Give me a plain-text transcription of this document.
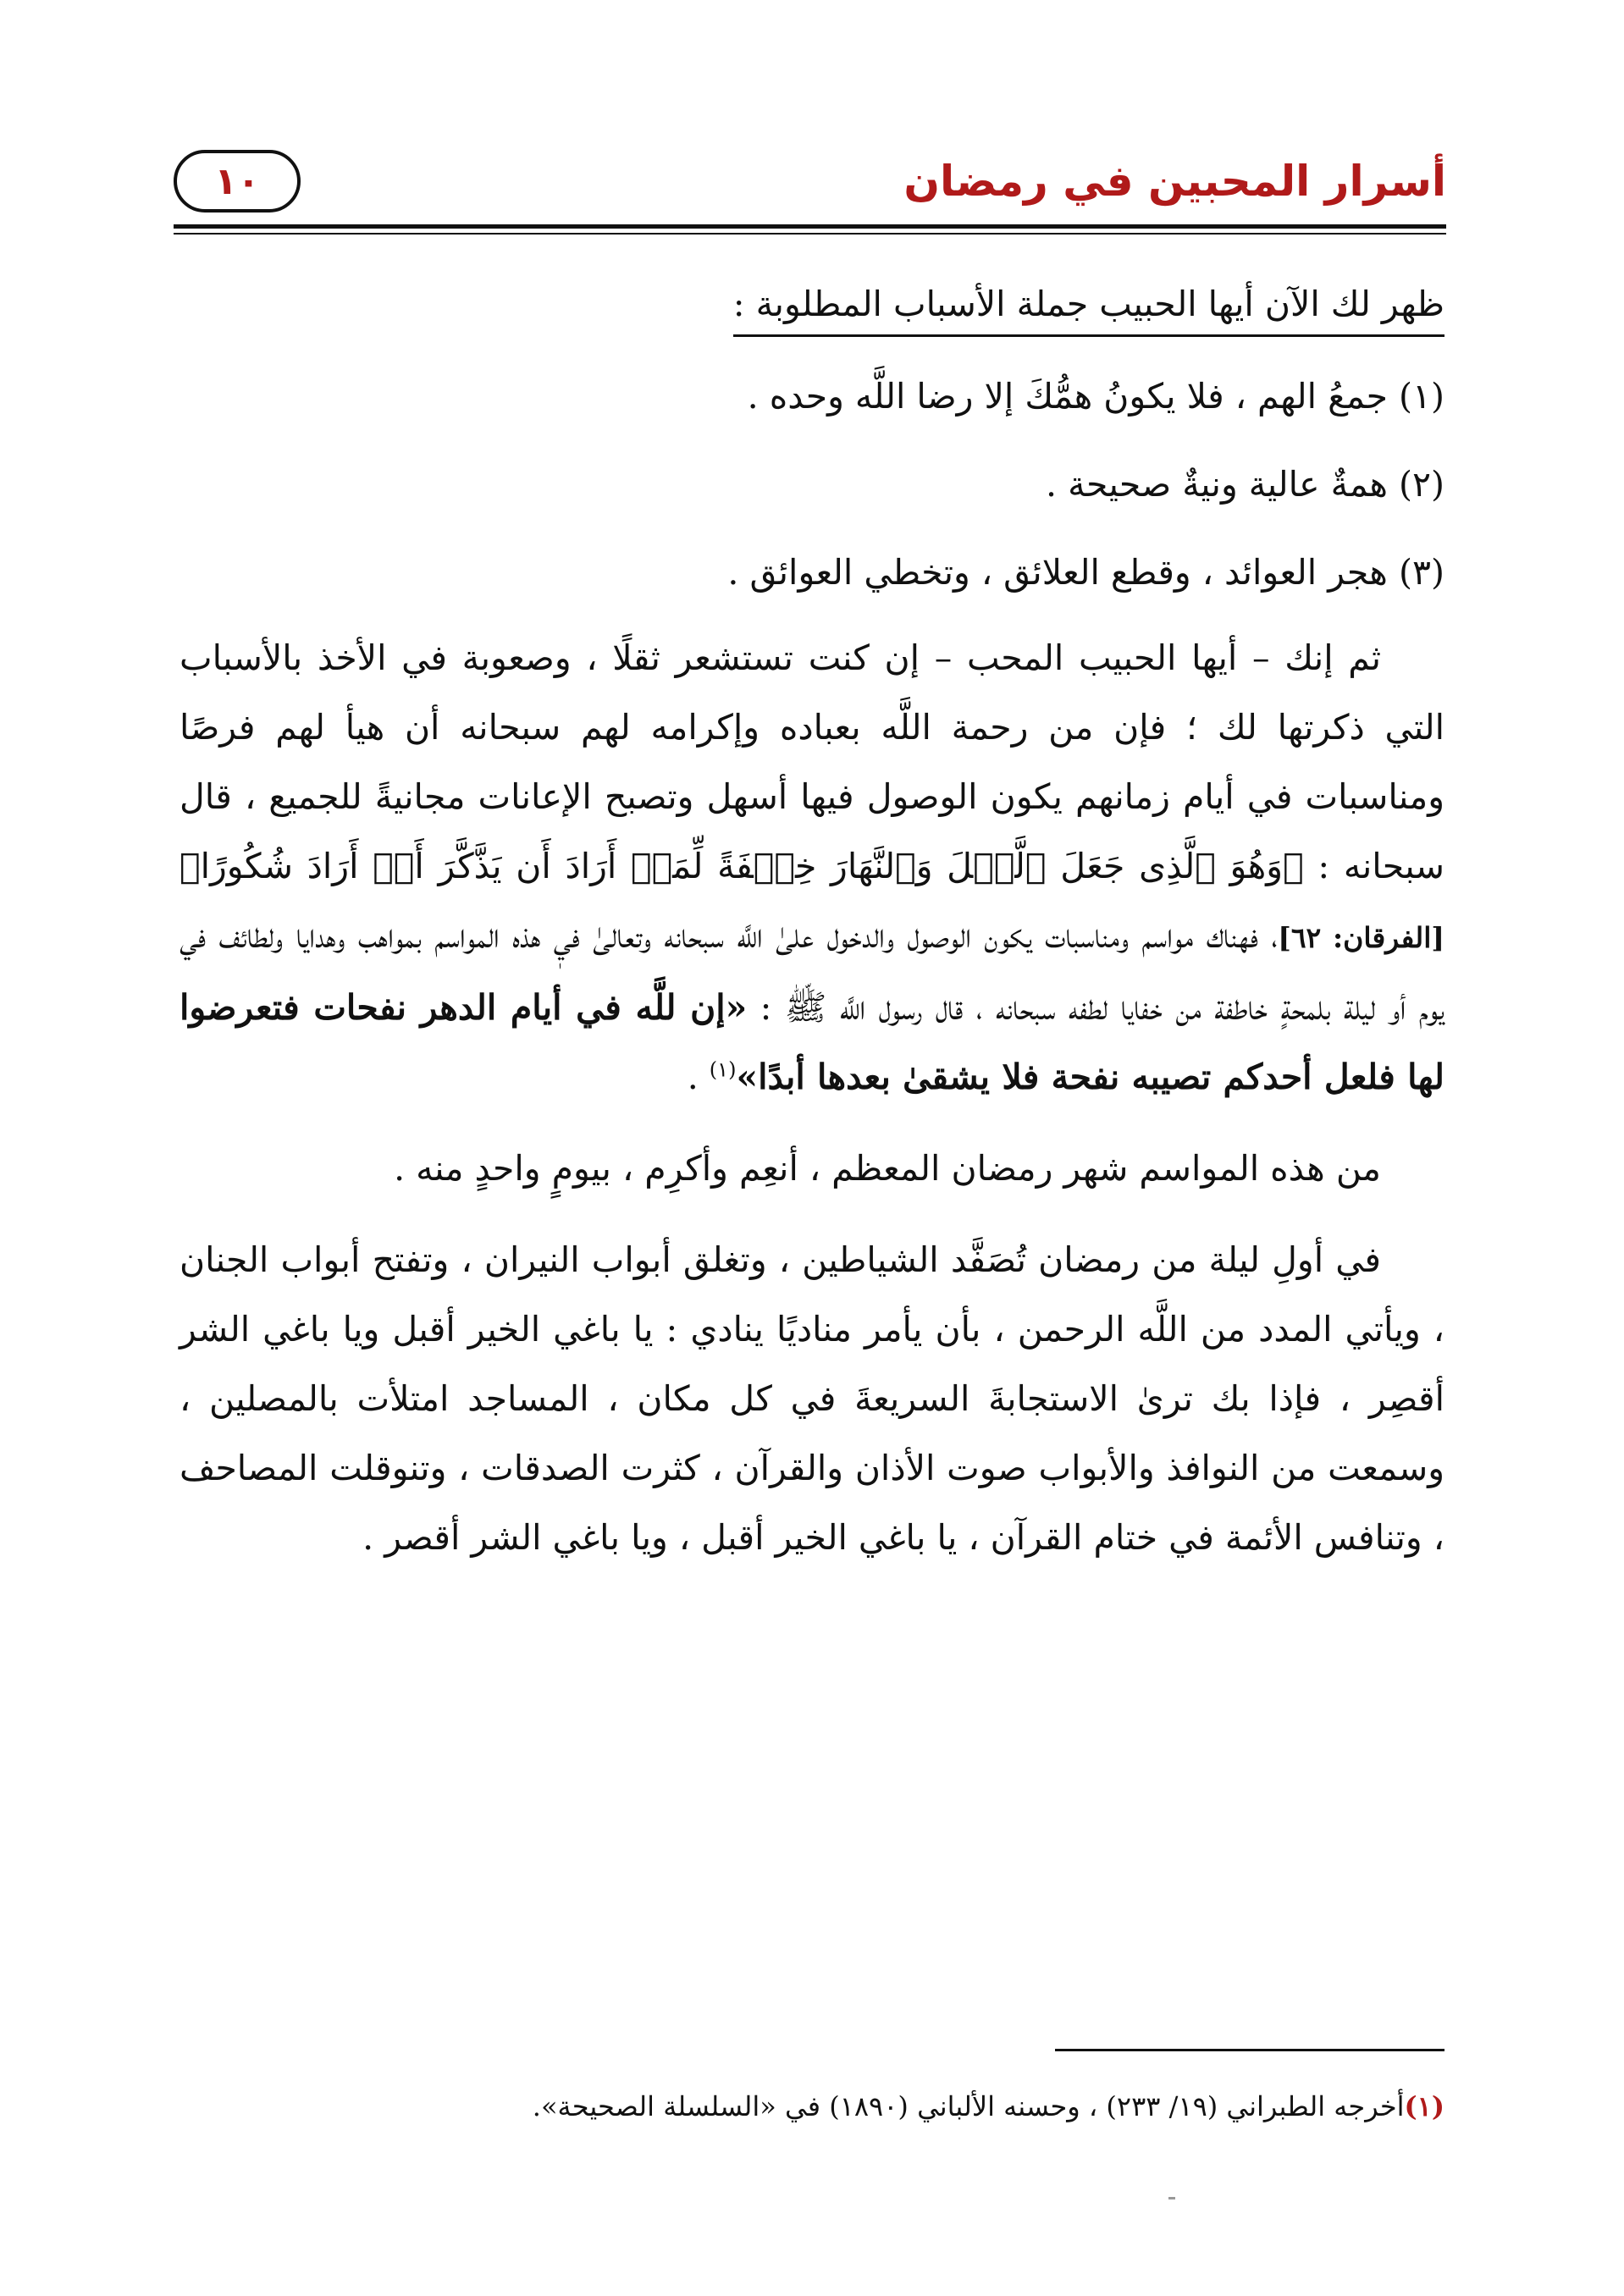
أسرار المحبين في رمضان
١٠
ظهر لك الآن أيها الحبيب جملة الأسباب المطلوبة :

(١) جمعُ الهم ، فلا يكونُ همُّكَ إلا رضا اللَّه وحده .

(٢) همةٌ عالية ونيةٌ صحيحة .

(٣) هجر العوائد ، وقطع العلائق ، وتخطي العوائق .

ثم إنك – أيها الحبيب المحب – إن كنت تستشعر ثقلًا ، وصعوبة في الأخذ بالأسباب التي ذكرتها لك ؛ فإن من رحمة اللَّه بعباده وإكرامه لهم سبحانه أن هيأ لهم فرصًا ومناسبات في أيام زمانهم يكون الوصول فيها أسهل وتصبح الإعانات مجانيةً للجميع ، قال سبحانه : ﴿وَهُوَ ٱلَّذِى جَعَلَ ٱلَّيۡلَ وَٱلنَّهَارَ خِلۡفَةً لِّمَنۡ أَرَادَ أَن يَذَّكَّرَ أَوۡ أَرَادَ شُكُورًا﴾ [الفرقان: ٦٢]، فهناك مواسم ومناسبات يكون الوصول والدخول علىٰ اللَّه سبحانه وتعالىٰ فيٖ هذه المواسم بمواهب وهدايا ولطائف في يوم أو ليلة بلمحةٍ خاطفة من خفايا لطفه سبحانه ، قال رسول اللَّه ﷺ : «إن للَّه في أيام الدهر نفحات فتعرضوا لها فلعل أحدكم تصيبه نفحة فلا يشقىٰ بعدها أبدًا»$^{(١)}$ .

من هذه المواسم شهر رمضان المعظم ، أنعِم وأكرِم ، بيومٍ واحدٍ منه .

في أولِ ليلة من رمضان تُصَفَّد الشياطين ، وتغلق أبواب النيران ، وتفتح أبواب الجنان ، ويأتي المدد من اللَّه الرحمن ، بأن يأمر مناديًا ينادي : يا باغي الخير أقبل ويا باغي الشر أقصِر ، فإذا بك ترىٰ الاستجابةَ السريعةَ في كل مكان ، المساجد امتلأت بالمصلين ، وسمعت من النوافذ والأبواب صوت الأذان والقرآن ، كثرت الصدقات ، وتنوقلت المصاحف ، وتنافس الأئمة في ختام القرآن ، يا باغي الخير أقبل ، ويا باغي الشر أقصر .

(١)أخرجه الطبراني (١٩/ ٢٣٣) ، وحسنه الألباني (١٨٩٠) في «السلسلة الصحيحة».
